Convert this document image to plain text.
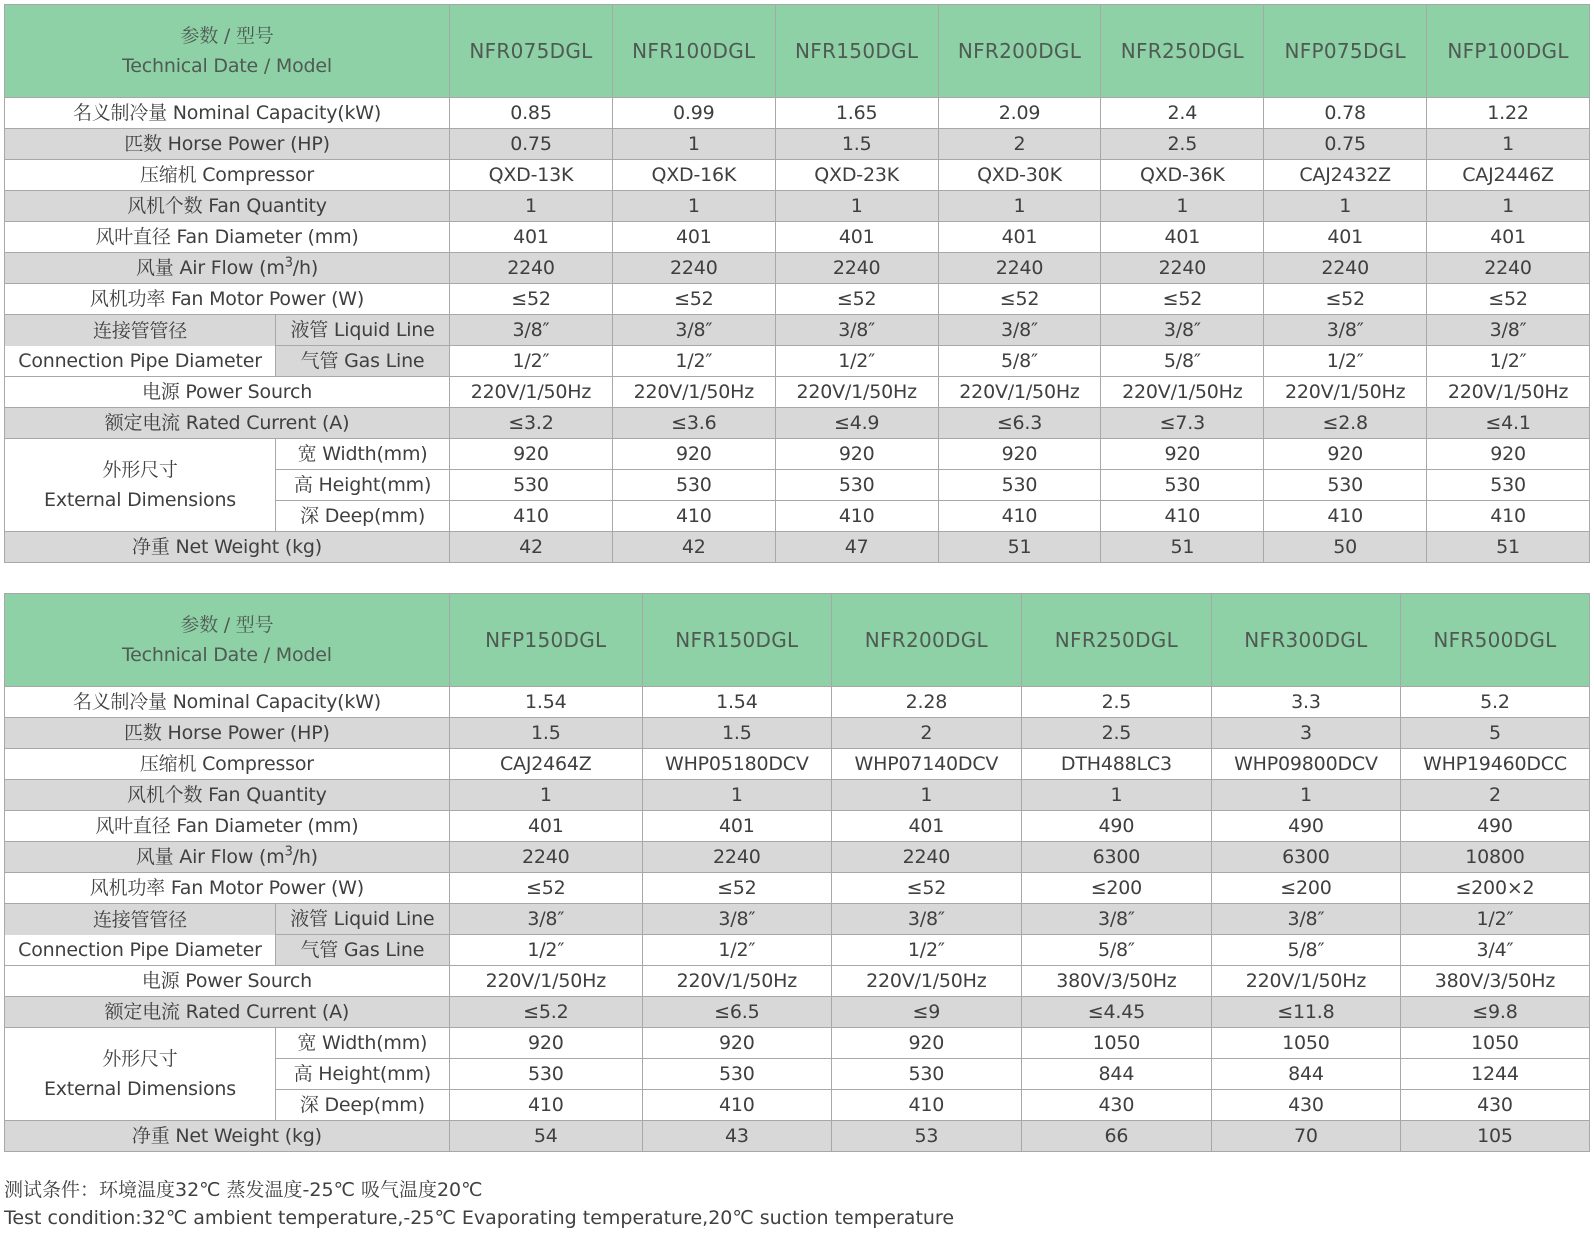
参数 / 型号
Technical Date / Model		NFR075DGL	NFR100DGL	NFR150DGL	NFR200DGL	NFR250DGL	NFP075DGL	NFP100DGL
名义制冷量 Nominal Capacity(kW)		0.85	0.99	1.65	2.09	2.4	0.78	1.22
匹数 Horse Power (HP)		0.75	1	1.5	2	2.5	0.75	1
压缩机 Compressor		QXD-13K	QXD-16K	QXD-23K	QXD-30K	QXD-36K	CAJ2432Z	CAJ2446Z
风机个数 Fan Quantity		1	1	1	1	1	1	1
风叶直径 Fan Diameter (mm)		401	401	401	401	401	401	401
风量 Air Flow $(m^3/h)$		2240	2240	2240	2240	2240	2240	2240
风机功率 Fan Motor Power (W)		≤52	≤52	≤52	≤52	≤52	≤52	≤52

连接管管径
Connection Pipe Diameter	液管 Liquid Line	3/8″	3/8″	3/8″	3/8″	3/8″	3/8″	3/8″
	气管 Gas Line	1/2″	1/2″	1/2″	5/8″	5/8″	1/2″	1/2″
电源 Power Sourch		220V/1/50Hz	220V/1/50Hz	220V/1/50Hz	220V/1/50Hz	220V/1/50Hz	220V/1/50Hz	220V/1/50Hz
额定电流 Rated Current (A)		≤3.2	≤3.6	≤4.9	≤6.3	≤7.3	≤2.8	≤4.1

外形尺寸
External Dimensions	宽 Width(mm)	920	920	920	920	920	920	920
	高 Height(mm)	530	530	530	530	530	530	530
	深 Deep(mm)	410	410	410	410	410	410	410
净重 Net Weight (kg)		42	42	47	51	51	50	51
参数 / 型号
Technical Date / Model		NFP150DGL	NFR150DGL	NFR200DGL	NFR250DGL	NFR300DGL	NFR500DGL
名义制冷量 Nominal Capacity(kW)		1.54	1.54	2.28	2.5	3.3	5.2
匹数 Horse Power (HP)		1.5	1.5	2	2.5	3	5
压缩机 Compressor		CAJ2464Z	WHP05180DCV	WHP07140DCV	DTH488LC3	WHP09800DCV	WHP19460DCC
风机个数 Fan Quantity		1	1	1	1	1	2
风叶直径 Fan Diameter (mm)		401	401	401	490	490	490
风量 Air Flow $(m^3/h)$		2240	2240	2240	6300	6300	10800
风机功率 Fan Motor Power (W)		≤52	≤52	≤52	≤200	≤200	≤200×2

连接管管径
Connection Pipe Diameter	液管 Liquid Line	3/8″	3/8″	3/8″	3/8″	3/8″	1/2″
	气管 Gas Line	1/2″	1/2″	1/2″	5/8″	5/8″	3/4″
电源 Power Sourch		220V/1/50Hz	220V/1/50Hz	220V/1/50Hz	380V/3/50Hz	220V/1/50Hz	380V/3/50Hz
额定电流 Rated Current (A)		≤5.2	≤6.5	≤9	≤4.45	≤11.8	≤9.8

外形尺寸
External Dimensions	宽 Width(mm)	920	920	920	1050	1050	1050
	高 Height(mm)	530	530	530	844	844	1244
	深 Deep(mm)	410	410	410	430	430	430
净重 Net Weight (kg)		54	43	53	66	70	105
测试条件：环境温度32℃ 蒸发温度-25℃ 吸气温度20℃
Test condition:32℃ ambient temperature,-25℃ Evaporating temperature,20℃ suction temperature
